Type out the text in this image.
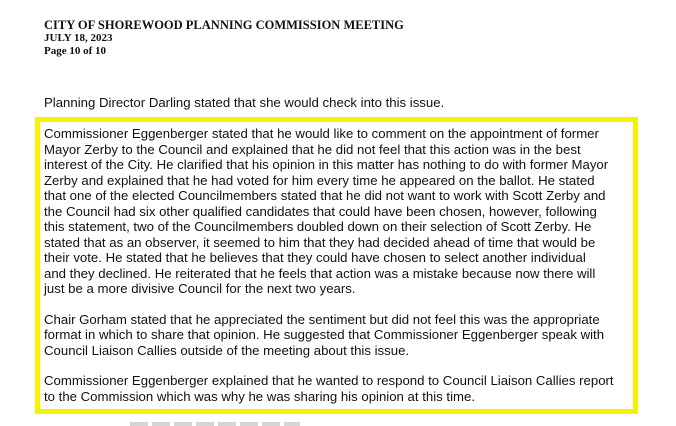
CITY OF SHOREWOOD PLANNING COMMISSION MEETING
JULY 18, 2023
Page 10 of 10
Planning Director Darling stated that she would check into this issue.

Commissioner Eggenberger stated that he would like to comment on the appointment of former
Mayor Zerby to the Council and explained that he did not feel that this action was in the best
interest of the City. He clarified that his opinion in this matter has nothing to do with former Mayor
Zerby and explained that he had voted for him every time he appeared on the ballot. He stated
that one of the elected Councilmembers stated that he did not want to work with Scott Zerby and
the Council had six other qualified candidates that could have been chosen, however, following
this statement, two of the Councilmembers doubled down on their selection of Scott Zerby. He
stated that as an observer, it seemed to him that they had decided ahead of time that would be
their vote. He stated that he believes that they could have chosen to select another individual
and they declined. He reiterated that he feels that action was a mistake because now there will
just be a more divisive Council for the next two years.

Chair Gorham stated that he appreciated the sentiment but did not feel this was the appropriate
format in which to share that opinion. He suggested that Commissioner Eggenberger speak with
Council Liaison Callies outside of the meeting about this issue.

Commissioner Eggenberger explained that he wanted to respond to Council Liaison Callies report
to the Commission which was why he was sharing his opinion at this time.
